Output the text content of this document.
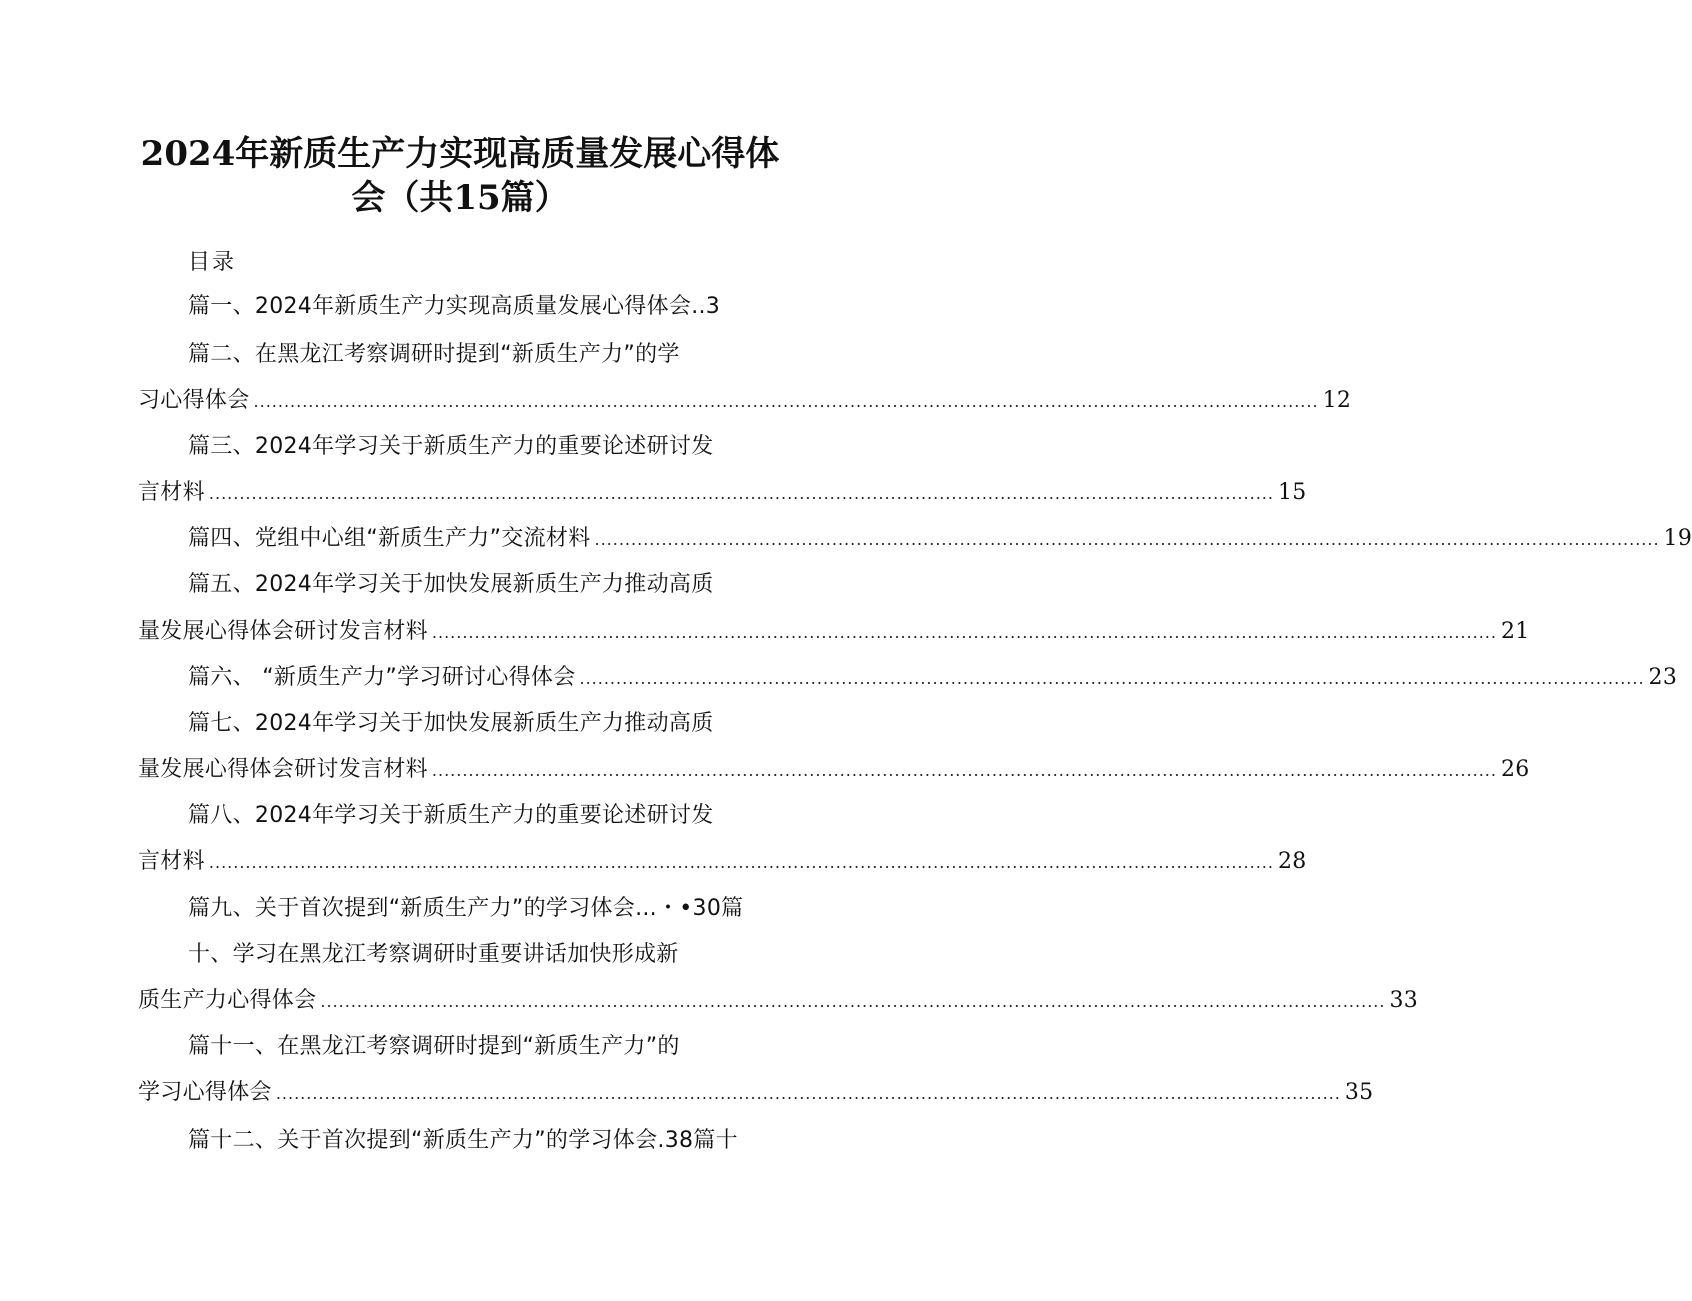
2024年新质生产力实现高质量发展心得体
会（共15篇）
目录
篇一、2024年新质生产力实现高质量发展心得体会..3
篇二、在黑龙江考察调研时提到“新质生产力”的学
习心得体会 ............................................................................................................................................................................... 12
篇三、2024年学习关于新质生产力的重要论述研讨发
言材料 ............................................................................................................................................................................... 15
篇四、党组中心组“新质生产力”交流材料 ............................................................................................................................................................................... 19
篇五、2024年学习关于加快发展新质生产力推动高质
量发展心得体会研讨发言材料 ............................................................................................................................................................................... 21
篇六、 “新质生产力”学习研讨心得体会 ............................................................................................................................................................................... 23
篇七、2024年学习关于加快发展新质生产力推动高质
量发展心得体会研讨发言材料 ............................................................................................................................................................................... 26
篇八、2024年学习关于新质生产力的重要论述研讨发
言材料 ............................................................................................................................................................................... 28
篇九、关于首次提到“新质生产力”的学习体会...・•30篇
十、学习在黑龙江考察调研时重要讲话加快形成新
质生产力心得体会 ............................................................................................................................................................................... 33
篇十一、在黑龙江考察调研时提到“新质生产力”的
学习心得体会 ............................................................................................................................................................................... 35
篇十二、关于首次提到“新质生产力”的学习体会.38篇十
